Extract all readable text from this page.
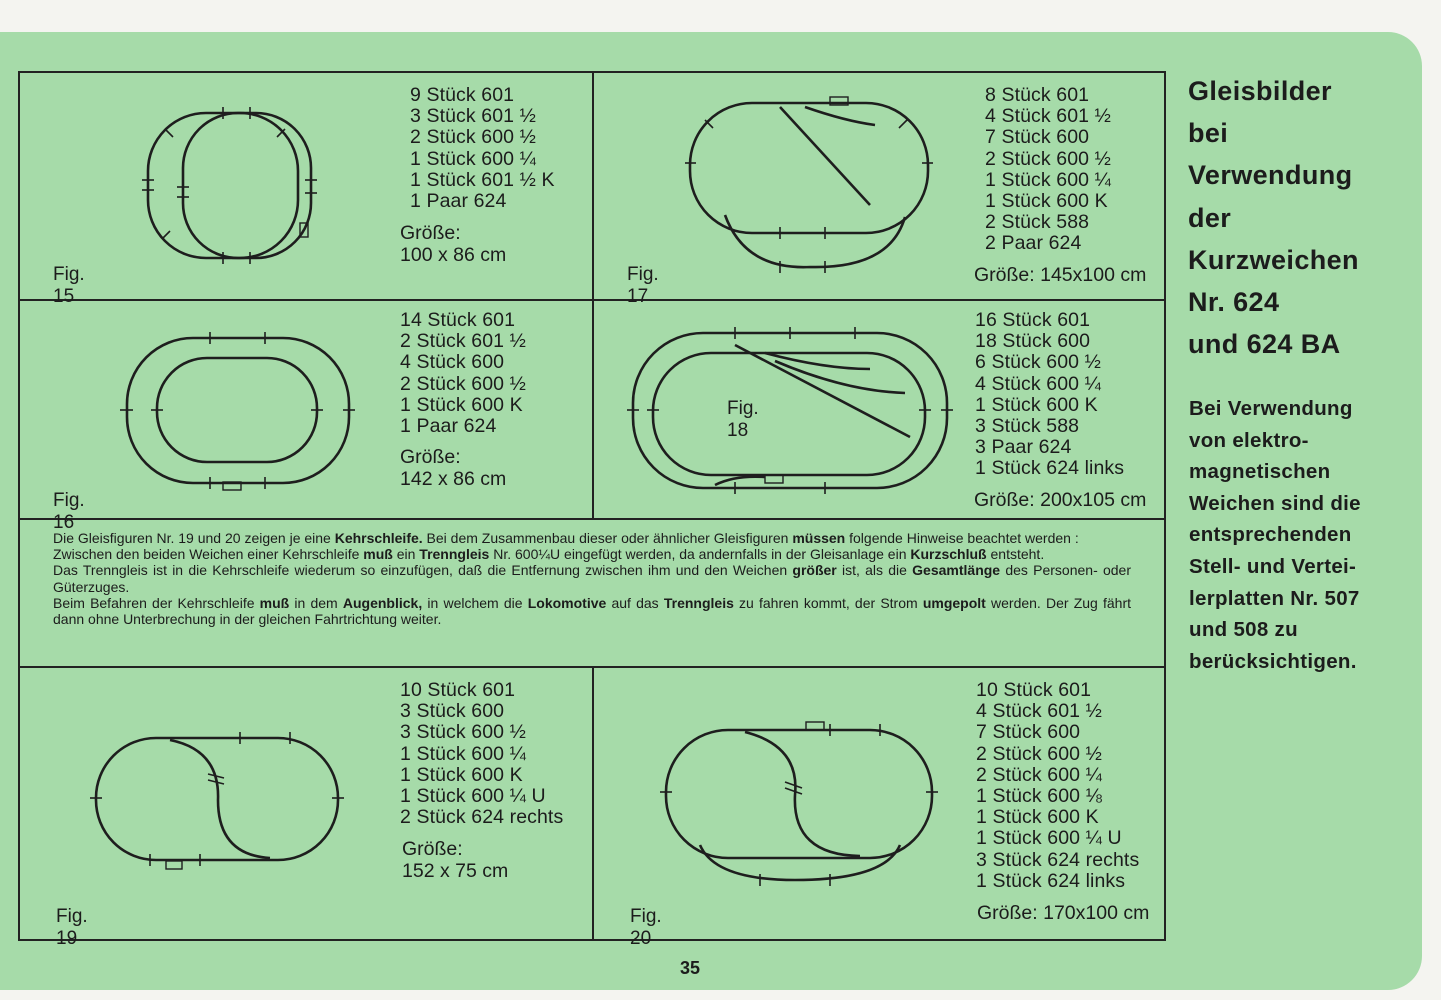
Fig. 15
9 Stück 601
3 Stück 601 ½
2 Stück 600 ½
1 Stück 600 ¼
1 Stück 601 ½ K
1 Paar 624
Größe:
100 x 86 cm
Fig. 17
8 Stück 601
4 Stück 601 ½
7 Stück 600
2 Stück 600 ½
1 Stück 600 ¼
1 Stück 600 K
2 Stück 588
2 Paar 624
Größe: 145x100 cm
Fig. 16
14 Stück 601
2 Stück 601 ½
4 Stück 600
2 Stück 600 ½
1 Stück 600 K
1 Paar 624
Größe:
142 x 86 cm
Fig. 18
16 Stück 601
18 Stück 600
6 Stück 600 ½
4 Stück 600 ¼
1 Stück 600 K
3 Stück 588
3 Paar 624
1 Stück 624 links
Größe: 200x105 cm

Die Gleisfiguren Nr. 19 und 20 zeigen je eine Kehrschleife. Bei dem Zusammenbau dieser oder ähnlicher Gleisfiguren müssen folgende Hinweise beachtet werden :

Zwischen den beiden Weichen einer Kehrschleife muß ein Trenngleis Nr. 600¼U eingefügt werden, da andernfalls in der Gleisanlage ein Kurzschluß entsteht.

Das Trenngleis ist in die Kehrschleife wiederum so einzufügen, daß die Entfernung zwischen ihm und den Weichen größer ist, als die Gesamtlänge des Personen- oder Güterzuges.

Beim Befahren der Kehrschleife muß in dem Augenblick, in welchem die Lokomotive auf das Trenngleis zu fahren kommt, der Strom umgepolt werden. Der Zug fährt dann ohne Unterbrechung in der gleichen Fahrtrichtung weiter.

Fig. 19
10 Stück 601
3 Stück 600
3 Stück 600 ½
1 Stück 600 ¼
1 Stück 600 K
1 Stück 600 ¼ U
2 Stück 624 rechts
Größe:
152 x 75 cm
Fig. 20
10 Stück 601
4 Stück 601 ½
7 Stück 600
2 Stück 600 ½
2 Stück 600 ¼
1 Stück 600 ⅛
1 Stück 600 K
1 Stück 600 ¼ U
3 Stück 624 rechts
1 Stück 624 links
Größe: 170x100 cm
Gleisbilder
bei
Verwendung
der
Kurzweichen
Nr. 624
und 624 BA
Bei Verwendung
von elektro-
magnetischen
Weichen sind die
entsprechenden
Stell- und Vertei-
lerplatten Nr. 507
und 508 zu
berücksichtigen.
35
